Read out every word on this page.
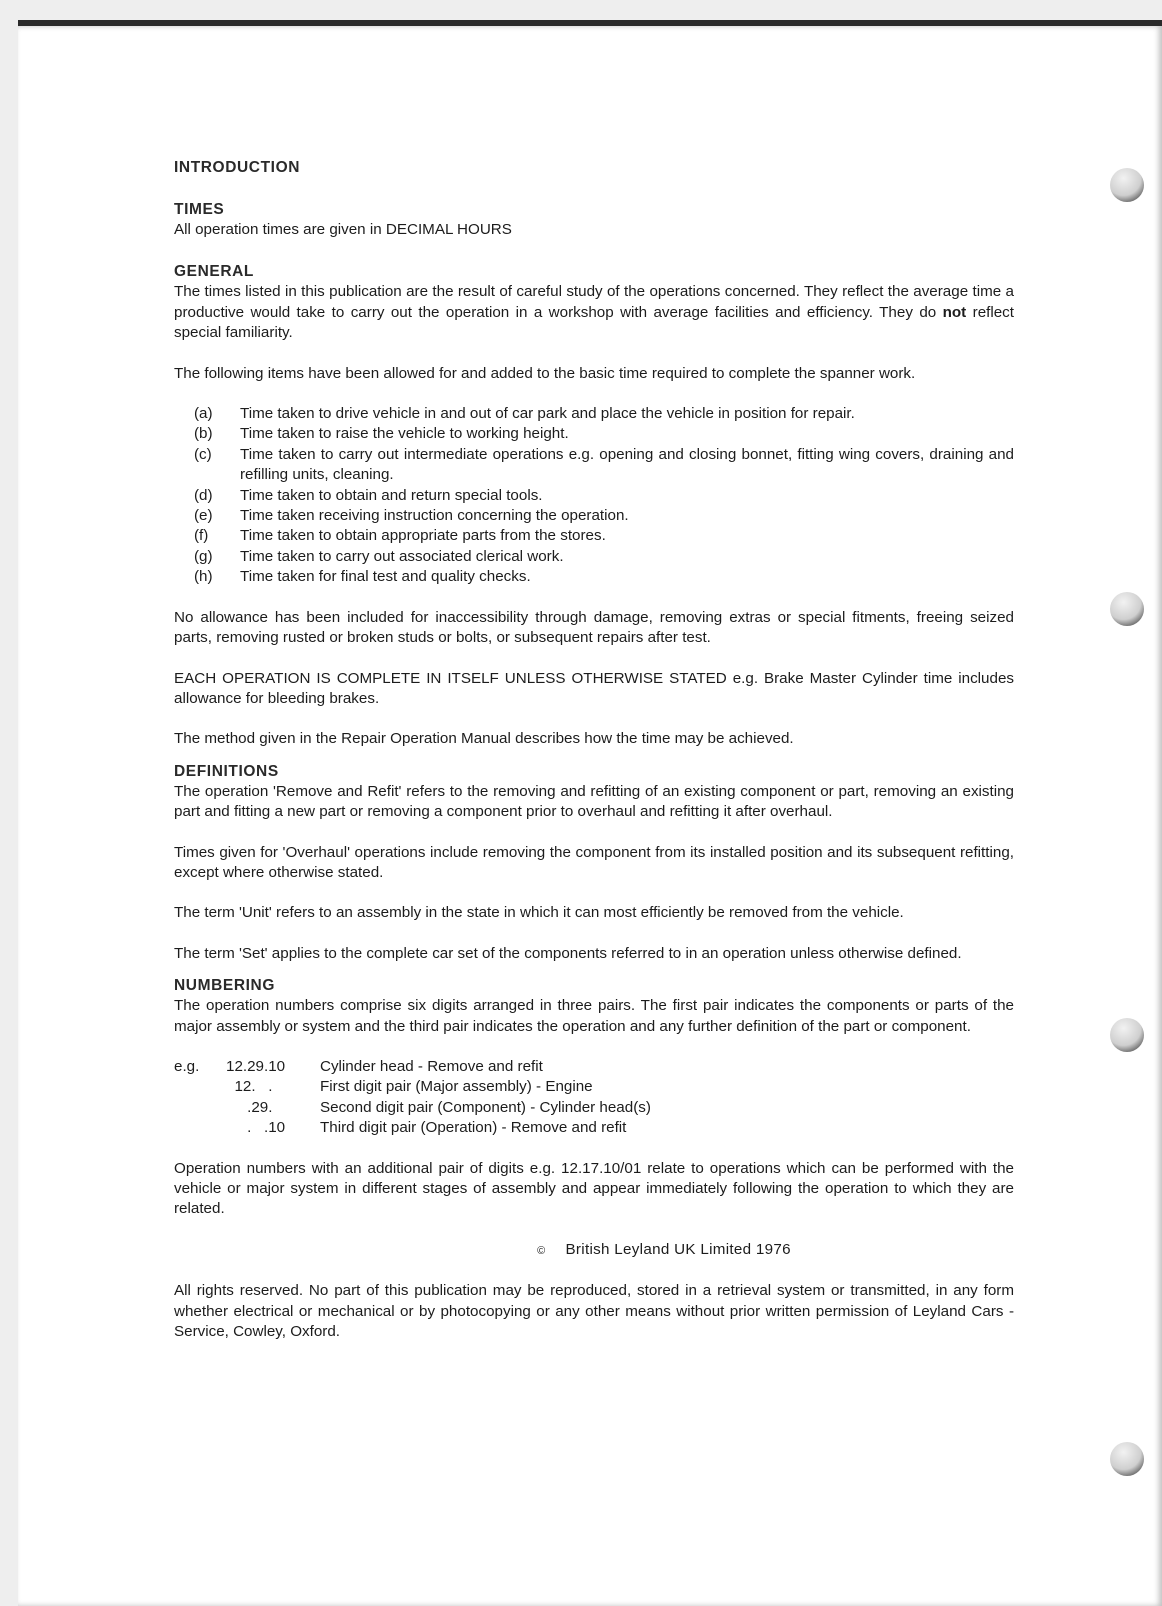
INTRODUCTION
TIMES

All operation times are given in DECIMAL HOURS

GENERAL

The times listed in this publication are the result of careful study of the operations concerned. They reflect the average time a productive would take to carry out the operation in a workshop with average facilities and efficiency. They do not reflect special familiarity.

The following items have been allowed for and added to the basic time required to complete the spanner work.

(a)	Time taken to drive vehicle in and out of car park and place the vehicle in position for repair.
(b)	Time taken to raise the vehicle to working height.
(c)	Time taken to carry out intermediate operations e.g. opening and closing bonnet, fitting wing covers, draining and refilling units, cleaning.
(d)	Time taken to obtain and return special tools.
(e)	Time taken receiving instruction concerning the operation.
(f)	Time taken to obtain appropriate parts from the stores.
(g)	Time taken to carry out associated clerical work.
(h)	Time taken for final test and quality checks.

No allowance has been included for inaccessibility through damage, removing extras or special fitments, freeing seized parts, removing rusted or broken studs or bolts, or subsequent repairs after test.

EACH OPERATION IS COMPLETE IN ITSELF UNLESS OTHERWISE STATED e.g. Brake Master Cylinder time includes allowance for bleeding brakes.

The method given in the Repair Operation Manual describes how the time may be achieved.

DEFINITIONS

The operation 'Remove and Refit' refers to the removing and refitting of an existing component or part, removing an existing part and fitting a new part or removing a component prior to overhaul and refitting it after overhaul.

Times given for 'Overhaul' operations include removing the component from its installed position and its subsequent refitting, except where otherwise stated.

The term 'Unit' refers to an assembly in the state in which it can most efficiently be removed from the vehicle.

The term 'Set' applies to the complete car set of the components referred to in an operation unless otherwise defined.

NUMBERING

The operation numbers comprise six digits arranged in three pairs. The first pair indicates the components or parts of the major assembly or system and the third pair indicates the operation and any further definition of the part or component.

e.g.	12.29.10	Cylinder head - Remove and refit
12.   .	First digit pair (Major assembly) - Engine
.29.	Second digit pair (Component) - Cylinder head(s)
.   .10	Third digit pair (Operation) - Remove and refit

Operation numbers with an additional pair of digits e.g. 12.17.10/01 relate to operations which can be performed with the vehicle or major system in different stages of assembly and appear immediately following the operation to which they are related.

© British Leyland UK Limited 1976

All rights reserved. No part of this publication may be reproduced, stored in a retrieval system or transmitted, in any form whether electrical or mechanical or by photocopying or any other means without prior written permission of Leyland Cars - Service, Cowley, Oxford.
